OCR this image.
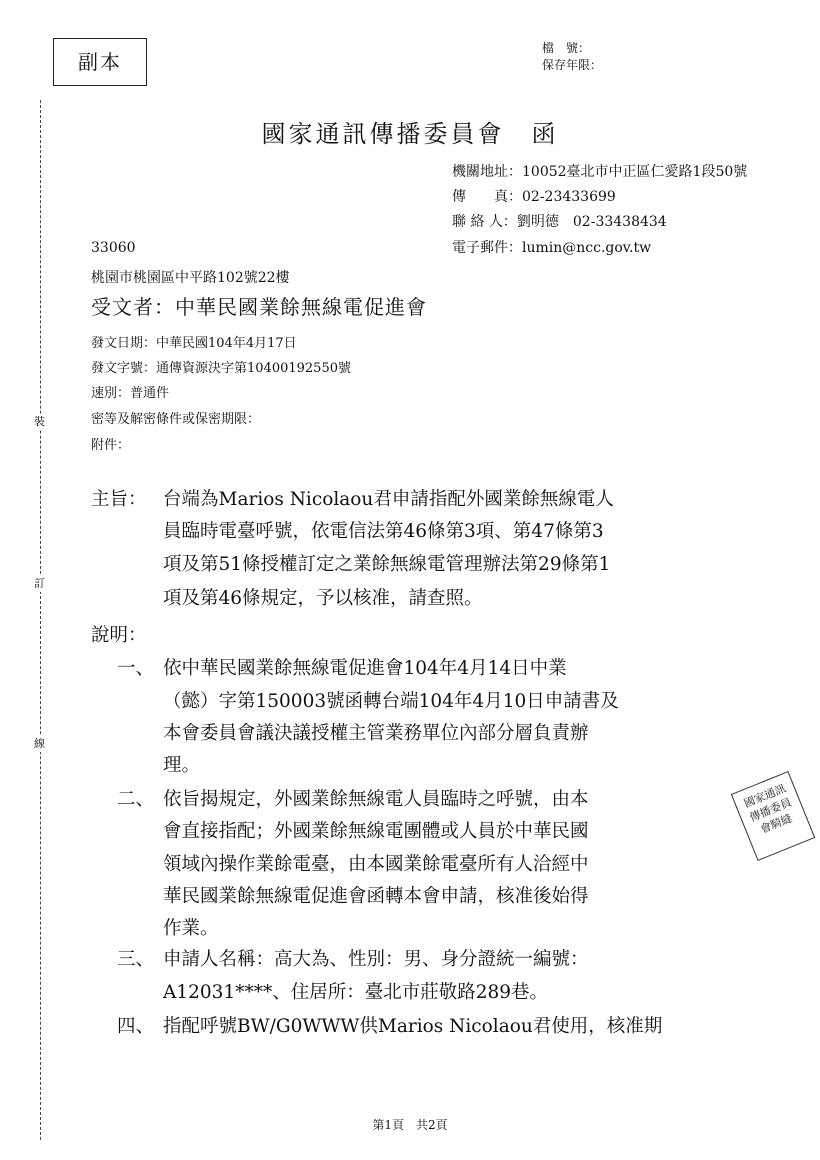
副本
檔　號：
保存年限：
裝
訂
線
國家通訊傳播委員會　函
機關地址：10052臺北市中正區仁愛路1段50號
傳　　真：02-23433699
聯 絡 人：劉明德　02-33438434
電子郵件：lumin@ncc.gov.tw
33060
桃園市桃園區中平路102號22樓
受文者：中華民國業餘無線電促進會
發文日期：中華民國104年4月17日
發文字號：通傳資源決字第10400192550號
速別：普通件
密等及解密條件或保密期限：
附件：
主旨： 台端為Marios Nicolaou君申請指配外國業餘無線電人
員臨時電臺呼號，依電信法第46條第3項、第47條第3
項及第51條授權訂定之業餘無線電管理辦法第29條第1
項及第46條規定，予以核准，請查照。
說明：
一、 依中華民國業餘無線電促進會104年4月14日中業
（懿）字第150003號函轉台端104年4月10日申請書及
本會委員會議決議授權主管業務單位內部分層負責辦
理。
二、 依旨揭規定，外國業餘無線電人員臨時之呼號，由本
會直接指配；外國業餘無線電團體或人員於中華民國
領域內操作業餘電臺，由本國業餘電臺所有人洽經中
華民國業餘無線電促進會函轉本會申請，核准後始得
作業。
三、 申請人名稱：高大為、性別：男、身分證統一編號：
A12031****、住居所：臺北市莊敬路289巷。
四、 指配呼號BW/G0WWW供Marios Nicolaou君使用，核准期
國家通訊傳播委員會騎縫
第1頁　共2頁
